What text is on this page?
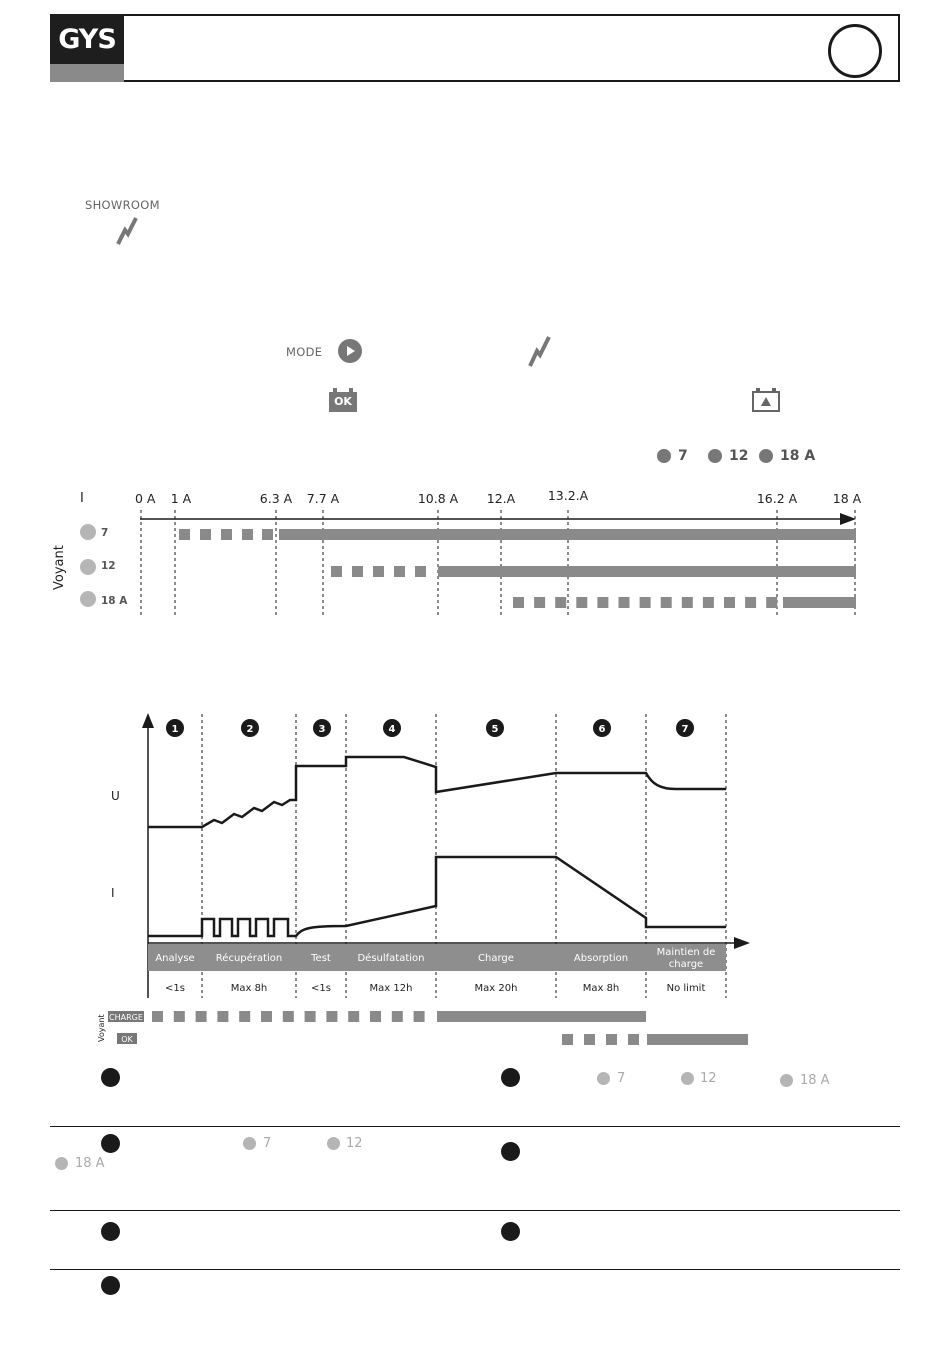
GYS
SHOWROOM
MODE
OK
7	12 18 A
I	0 A 1 A	6.3 A 7.7 A	10.8 A 12.A	13.2.A	16.2 A	18 A
Voyant
7
12
18 A
U
I
1	2	3	4	5	6	7
Analyse Récupération	Test	Désulfatation	Charge	Absorption
Maintien de
charge
<1s	Max 8h	<1s	Max 12h	Max 20h	Max 8h	No limit
Voyant CHARGE
OK
7	12	18 A
7	12
18 A
